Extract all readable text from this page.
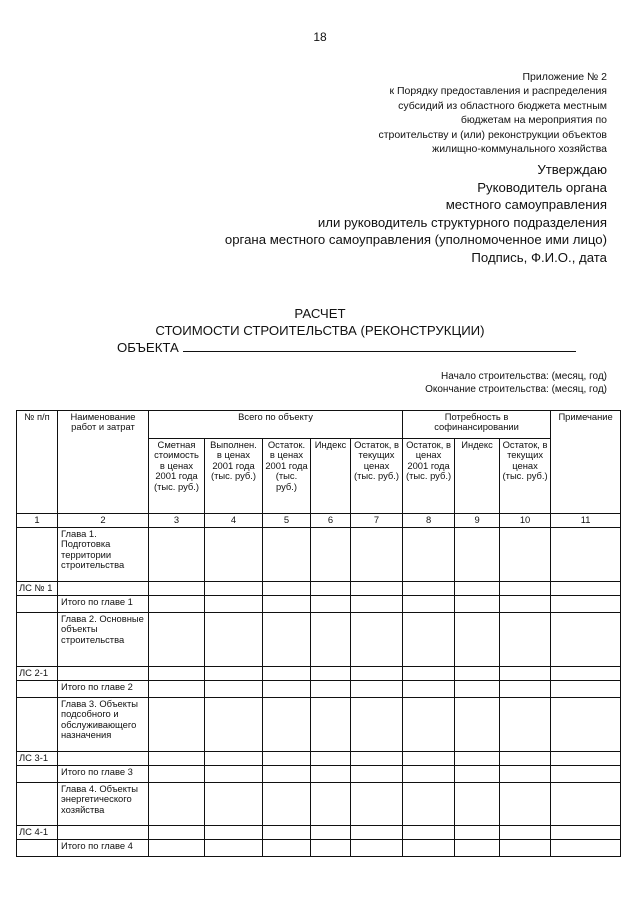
18
Приложение № 2
к Порядку предоставления и распределения
субсидий из областного бюджета местным
бюджетам на мероприятия по
строительству и (или) реконструкции объектов
жилищно-коммунального хозяйства
Утверждаю
Руководитель органа
местного самоуправления
или руководитель структурного подразделения
органа местного самоуправления (уполномоченное ими лицо)
Подпись, Ф.И.О., дата
РАСЧЕТ
СТОИМОСТИ СТРОИТЕЛЬСТВА (РЕКОНСТРУКЦИИ)
ОБЪЕКТА
Начало строительства: (месяц, год)
Окончание строительства: (месяц, год)
№ п/п	Наименование работ и затрат	Всего по объекту					Потребность в софинансировании			Примечание
		Сметная стоимость в ценах 2001 года (тыс. руб.)	Выполнен. в ценах 2001 года (тыс. руб.)	Остаток. в ценах 2001 года (тыс. руб.)	Индекс	Остаток, в текущих ценах (тыс. руб.)	Остаток, в ценах 2001 года (тыс. руб.)	Индекс	Остаток, в текущих ценах (тыс. руб.)	
1	2	3	4	5	6	7	8	9	10	11
	Глава 1. Подготовка территории строительства									
ЛС № 1										
	Итого по главе 1									
	Глава 2. Основные объекты строительства									
ЛС 2-1										
	Итого по главе 2									
	Глава 3. Объекты подсобного и обслуживающего назначения									
ЛС 3-1										
	Итого по главе 3									
	Глава 4. Объекты энергетического хозяйства									
ЛС 4-1										
	Итого по главе 4									
